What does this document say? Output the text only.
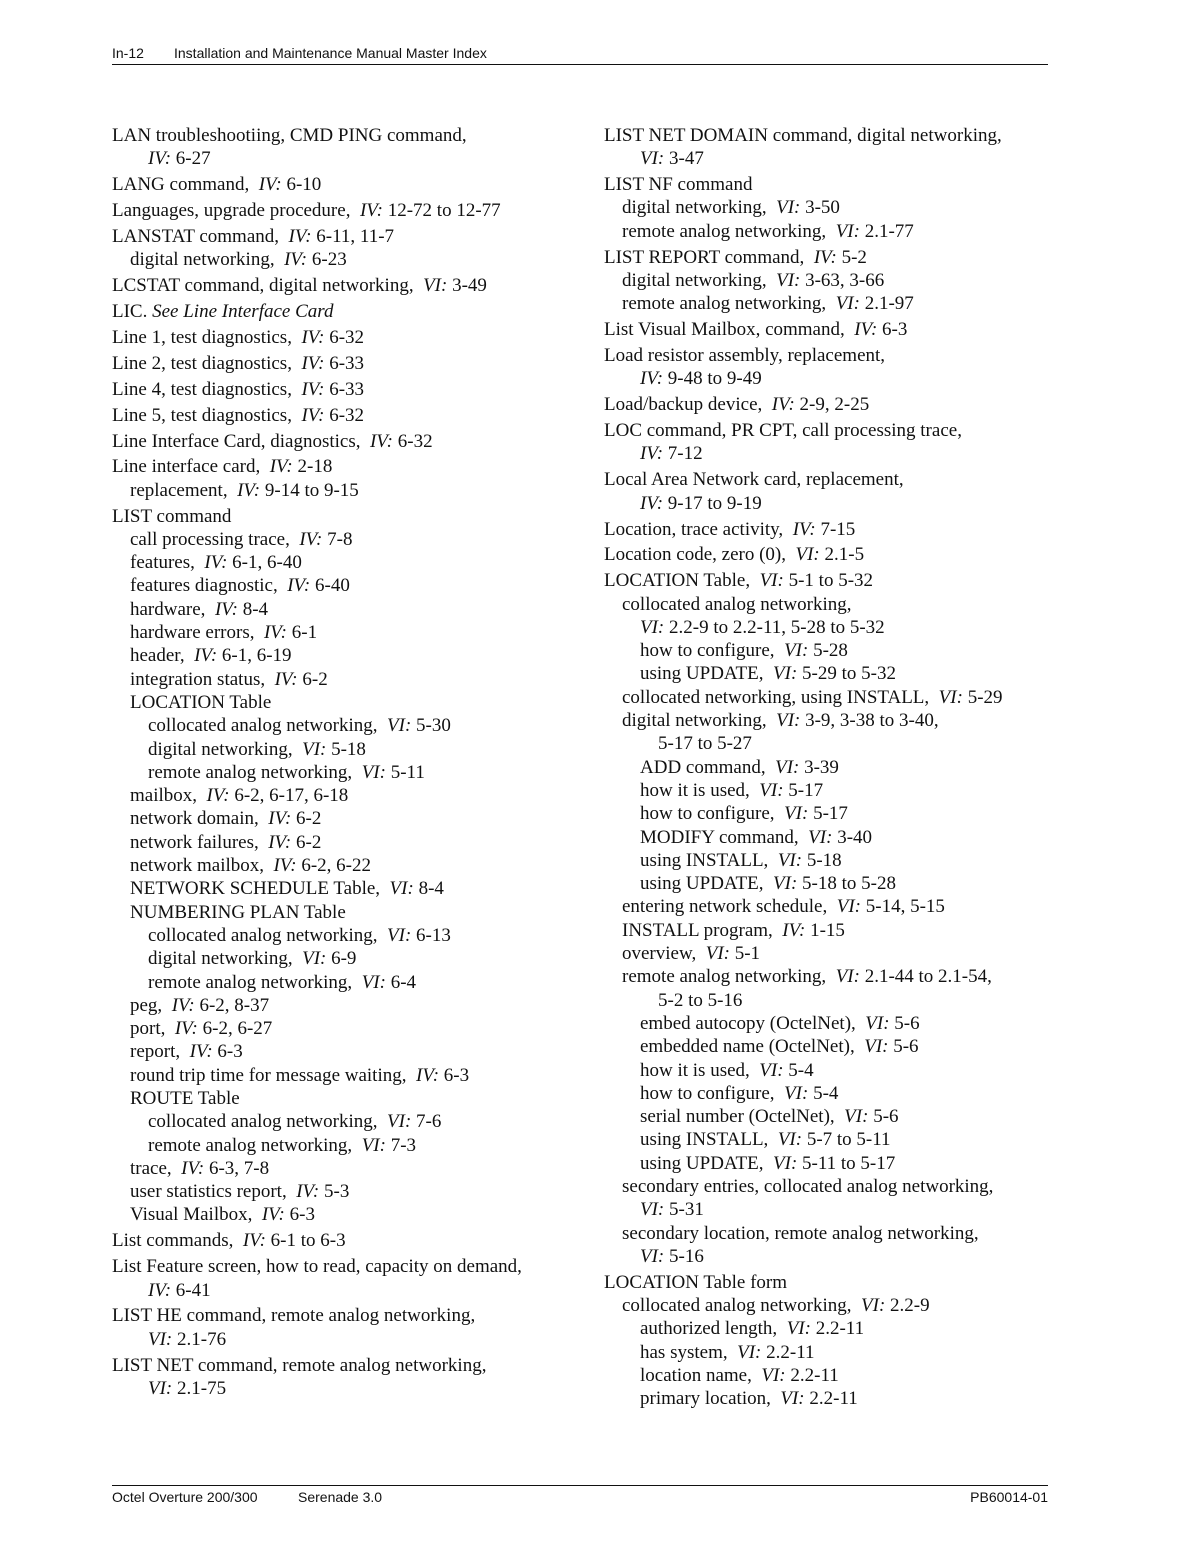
In-12 Installation and Maintenance Manual Master Index
LAN troubleshootiing, CMD PING command,
IV: 6-27
LANG command, IV: 6-10
Languages, upgrade procedure, IV: 12-72 to 12-77
LANSTAT command, IV: 6-11, 11-7
digital networking, IV: 6-23
LCSTAT command, digital networking, VI: 3-49
LIC. See Line Interface Card
Line 1, test diagnostics, IV: 6-32
Line 2, test diagnostics, IV: 6-33
Line 4, test diagnostics, IV: 6-33
Line 5, test diagnostics, IV: 6-32
Line Interface Card, diagnostics, IV: 6-32
Line interface card, IV: 2-18
replacement, IV: 9-14 to 9-15
LIST command
call processing trace, IV: 7-8
features, IV: 6-1, 6-40
features diagnostic, IV: 6-40
hardware, IV: 8-4
hardware errors, IV: 6-1
header, IV: 6-1, 6-19
integration status, IV: 6-2
LOCATION Table
collocated analog networking, VI: 5-30
digital networking, VI: 5-18
remote analog networking, VI: 5-11
mailbox, IV: 6-2, 6-17, 6-18
network domain, IV: 6-2
network failures, IV: 6-2
network mailbox, IV: 6-2, 6-22
NETWORK SCHEDULE Table, VI: 8-4
NUMBERING PLAN Table
collocated analog networking, VI: 6-13
digital networking, VI: 6-9
remote analog networking, VI: 6-4
peg, IV: 6-2, 8-37
port, IV: 6-2, 6-27
report, IV: 6-3
round trip time for message waiting, IV: 6-3
ROUTE Table
collocated analog networking, VI: 7-6
remote analog networking, VI: 7-3
trace, IV: 6-3, 7-8
user statistics report, IV: 5-3
Visual Mailbox, IV: 6-3
List commands, IV: 6-1 to 6-3
List Feature screen, how to read, capacity on demand,
IV: 6-41
LIST HE command, remote analog networking,
VI: 2.1-76
LIST NET command, remote analog networking,
VI: 2.1-75
LIST NET DOMAIN command, digital networking,
VI: 3-47
LIST NF command
digital networking, VI: 3-50
remote analog networking, VI: 2.1-77
LIST REPORT command, IV: 5-2
digital networking, VI: 3-63, 3-66
remote analog networking, VI: 2.1-97
List Visual Mailbox, command, IV: 6-3
Load resistor assembly, replacement,
IV: 9-48 to 9-49
Load/backup device, IV: 2-9, 2-25
LOC command, PR CPT, call processing trace,
IV: 7-12
Local Area Network card, replacement,
IV: 9-17 to 9-19
Location, trace activity, IV: 7-15
Location code, zero (0), VI: 2.1-5
LOCATION Table, VI: 5-1 to 5-32
collocated analog networking,
VI: 2.2-9 to 2.2-11, 5-28 to 5-32
how to configure, VI: 5-28
using UPDATE, VI: 5-29 to 5-32
collocated networking, using INSTALL, VI: 5-29
digital networking, VI: 3-9, 3-38 to 3-40,
5-17 to 5-27
ADD command, VI: 3-39
how it is used, VI: 5-17
how to configure, VI: 5-17
MODIFY command, VI: 3-40
using INSTALL, VI: 5-18
using UPDATE, VI: 5-18 to 5-28
entering network schedule, VI: 5-14, 5-15
INSTALL program, IV: 1-15
overview, VI: 5-1
remote analog networking, VI: 2.1-44 to 2.1-54,
5-2 to 5-16
embed autocopy (OctelNet), VI: 5-6
embedded name (OctelNet), VI: 5-6
how it is used, VI: 5-4
how to configure, VI: 5-4
serial number (OctelNet), VI: 5-6
using INSTALL, VI: 5-7 to 5-11
using UPDATE, VI: 5-11 to 5-17
secondary entries, collocated analog networking,
VI: 5-31
secondary location, remote analog networking,
VI: 5-16
LOCATION Table form
collocated analog networking, VI: 2.2-9
authorized length, VI: 2.2-11
has system, VI: 2.2-11
location name, VI: 2.2-11
primary location, VI: 2.2-11
Octel Overture 200/300	Serenade 3.0	PB60014-01
